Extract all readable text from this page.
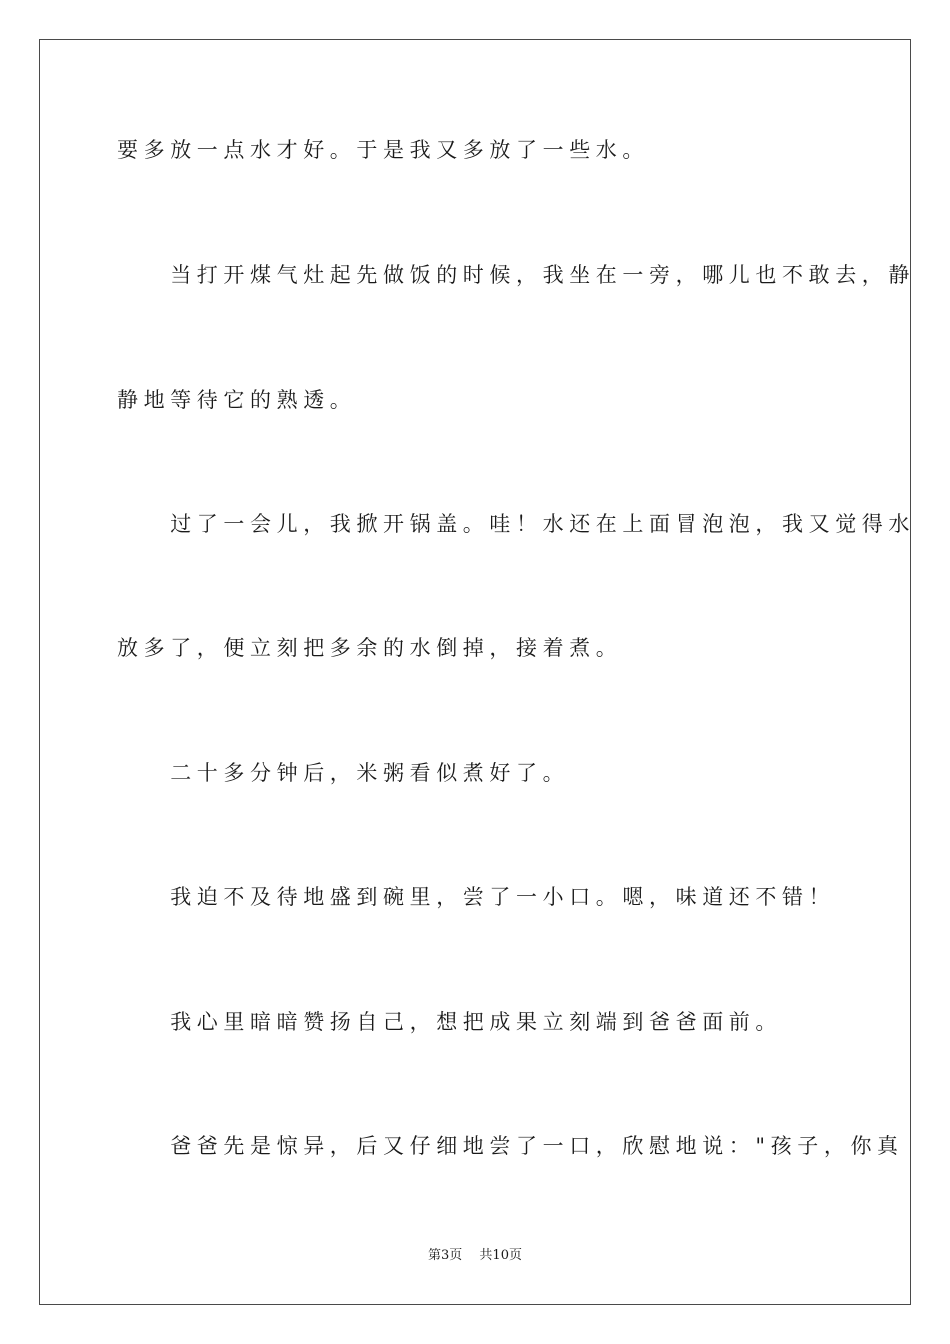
要多放一点水才好。于是我又多放了一些水。
　　当打开煤气灶起先做饭的时候，我坐在一旁，哪儿也不敢去，静
静地等待它的熟透。
　　过了一会儿，我掀开锅盖。哇！水还在上面冒泡泡，我又觉得水
放多了，便立刻把多余的水倒掉，接着煮。
　　二十多分钟后，米粥看似煮好了。
　　我迫不及待地盛到碗里，尝了一小口。嗯，味道还不错！
　　我心里暗暗赞扬自己，想把成果立刻端到爸爸面前。
　　爸爸先是惊异，后又仔细地尝了一口，欣慰地说："孩子，你真
第3页　 共10页
